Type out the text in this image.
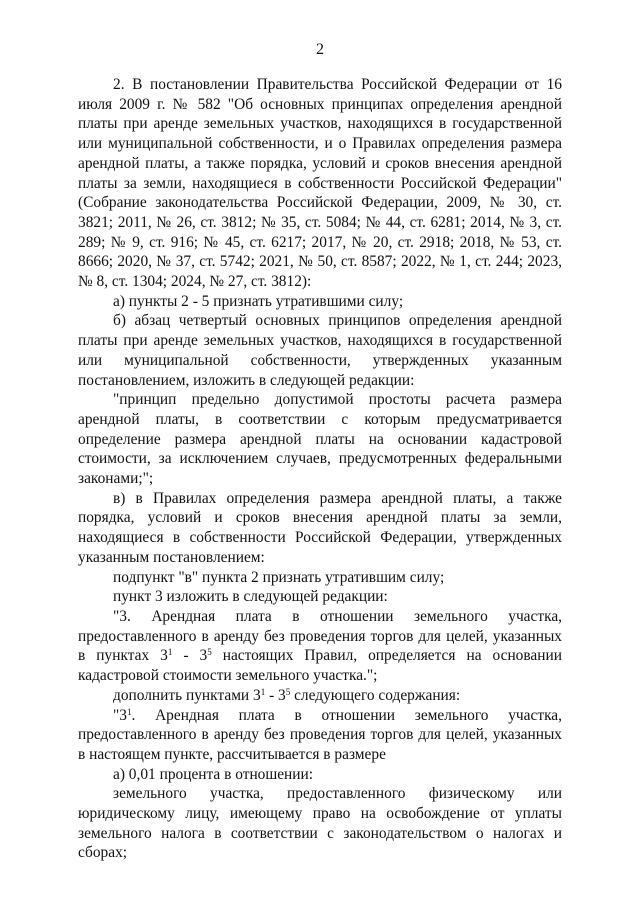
2

2. В постановлении Правительства Российской Федерации от 16 июля 2009 г. № 582 "Об основных принципах определения арендной платы при аренде земельных участков, находящихся в государственной или муниципальной собственности, и о Правилах определения размера арендной платы, а также порядка, условий и сроков внесения арендной платы за земли, находящиеся в собственности Российской Федерации" (Собрание законодательства Российской Федерации, 2009, № 30, ст. 3821; 2011, № 26, ст. 3812; № 35, ст. 5084; № 44, ст. 6281; 2014, № 3, ст. 289; № 9, ст. 916; № 45, ст. 6217; 2017, № 20, ст. 2918; 2018, № 53, ст. 8666; 2020, № 37, ст. 5742; 2021, № 50, ст. 8587; 2022, № 1, ст. 244; 2023, № 8, ст. 1304; 2024, № 27, ст. 3812):

а) пункты 2 - 5 признать утратившими силу;

б) абзац четвертый основных принципов определения арендной платы при аренде земельных участков, находящихся в государственной или муниципальной собственности, утвержденных указанным постановлением, изложить в следующей редакции:

"принцип предельно допустимой простоты расчета размера арендной платы, в соответствии с которым предусматривается определение размера арендной платы на основании кадастровой стоимости, за исключением случаев, предусмотренных федеральными законами;";

в) в Правилах определения размера арендной платы, а также порядка, условий и сроков внесения арендной платы за земли, находящиеся в собственности Российской Федерации, утвержденных указанным постановлением:

подпункт "в" пункта 2 признать утратившим силу;

пункт 3 изложить в следующей редакции:

"3. Арендная плата в отношении земельного участка, предоставленного в аренду без проведения торгов для целей, указанных в пунктах $3^1 - 3^5$ настоящих Правил, определяется на основании кадастровой стоимости земельного участка.";

дополнить пунктами $3^1 - 3^5$ следующего содержания:

"$3^1$. Арендная плата в отношении земельного участка, предоставленного в аренду без проведения торгов для целей, указанных в настоящем пункте, рассчитывается в размере

а) 0,01 процента в отношении:

земельного участка, предоставленного физическому или юридическому лицу, имеющему право на освобождение от уплаты земельного налога в соответствии с законодательством о налогах и сборах;
